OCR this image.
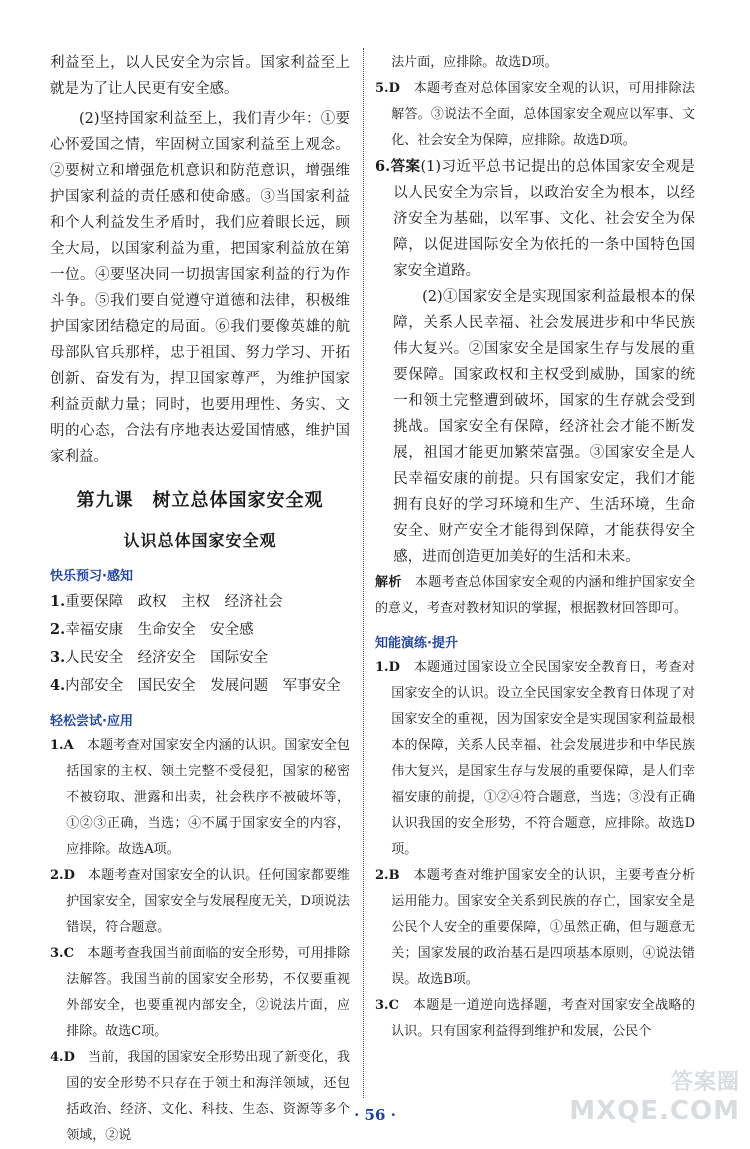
利益至上，以人民安全为宗旨。国家利益至上就是为了让人民更有安全感。

(2)坚持国家利益至上，我们青少年：①要心怀爱国之情，牢固树立国家利益至上观念。②要树立和增强危机意识和防范意识，增强维护国家利益的责任感和使命感。③当国家利益和个人利益发生矛盾时，我们应着眼长远，顾全大局，以国家利益为重，把国家利益放在第一位。④要坚决同一切损害国家利益的行为作斗争。⑤我们要自觉遵守道德和法律，积极维护国家团结稳定的局面。⑥我们要像英雄的航母部队官兵那样，忠于祖国、努力学习、开拓创新、奋发有为，捍卫国家尊严，为维护国家利益贡献力量；同时，也要用理性、务实、文明的心态，合法有序地表达爱国情感，维护国家利益。

第九课　树立总体国家安全观
认识总体国家安全观
快乐预习·感知

1.重要保障　政权　主权　经济社会

2.幸福安康　生命安全　安全感

3.人民安全　经济安全　国际安全

4.内部安全　国民安全　发展问题　军事安全

轻松尝试·应用

1.A　本题考查对国家安全内涵的认识。国家安全包括国家的主权、领土完整不受侵犯，国家的秘密不被窃取、泄露和出卖，社会秩序不被破坏等，①②③正确，当选；④不属于国家安全的内容，应排除。故选A项。

2.D　本题考查对国家安全的认识。任何国家都要维护国家安全，国家安全与发展程度无关，D项说法错误，符合题意。

3.C　本题考查我国当前面临的安全形势，可用排除法解答。我国当前的国家安全形势，不仅要重视外部安全，也要重视内部安全，②说法片面，应排除。故选C项。

4.D　当前，我国的国家安全形势出现了新变化，我国的安全形势不只存在于领土和海洋领域，还包括政治、经济、文化、科技、生态、资源等多个领域，②说

法片面，应排除。故选D项。

5.D　本题考查对总体国家安全观的认识，可用排除法解答。③说法不全面，总体国家安全观应以军事、文化、社会安全为保障，应排除。故选D项。

6.答案(1)习近平总书记提出的总体国家安全观是以人民安全为宗旨，以政治安全为根本，以经济安全为基础，以军事、文化、社会安全为保障，以促进国际安全为依托的一条中国特色国家安全道路。

(2)①国家安全是实现国家利益最根本的保障，关系人民幸福、社会发展进步和中华民族伟大复兴。②国家安全是国家生存与发展的重要保障。国家政权和主权受到威胁，国家的统一和领土完整遭到破坏，国家的生存就会受到挑战。国家安全有保障，经济社会才能不断发展，祖国才能更加繁荣富强。③国家安全是人民幸福安康的前提。只有国家安定，我们才能拥有良好的学习环境和生产、生活环境，生命安全、财产安全才能得到保障，才能获得安全感，进而创造更加美好的生活和未来。

解析　本题考查总体国家安全观的内涵和维护国家安全的意义，考查对教材知识的掌握，根据教材回答即可。

知能演练·提升

1.D　本题通过国家设立全民国家安全教育日，考查对国家安全的认识。设立全民国家安全教育日体现了对国家安全的重视，因为国家安全是实现国家利益最根本的保障，关系人民幸福、社会发展进步和中华民族伟大复兴，是国家生存与发展的重要保障，是人们幸福安康的前提，①②④符合题意，当选；③没有正确认识我国的安全形势，不符合题意，应排除。故选D项。

2.B　本题考查对维护国家安全的认识，主要考查分析运用能力。国家安全关系到民族的存亡，国家安全是公民个人安全的重要保障，①虽然正确，但与题意无关；国家发展的政治基石是四项基本原则，④说法错误。故选B项。

3.C　本题是一道逆向选择题，考查对国家安全战略的认识。只有国家利益得到维护和发展，公民个

· 56 ·
答案圈
MXQE.COM
